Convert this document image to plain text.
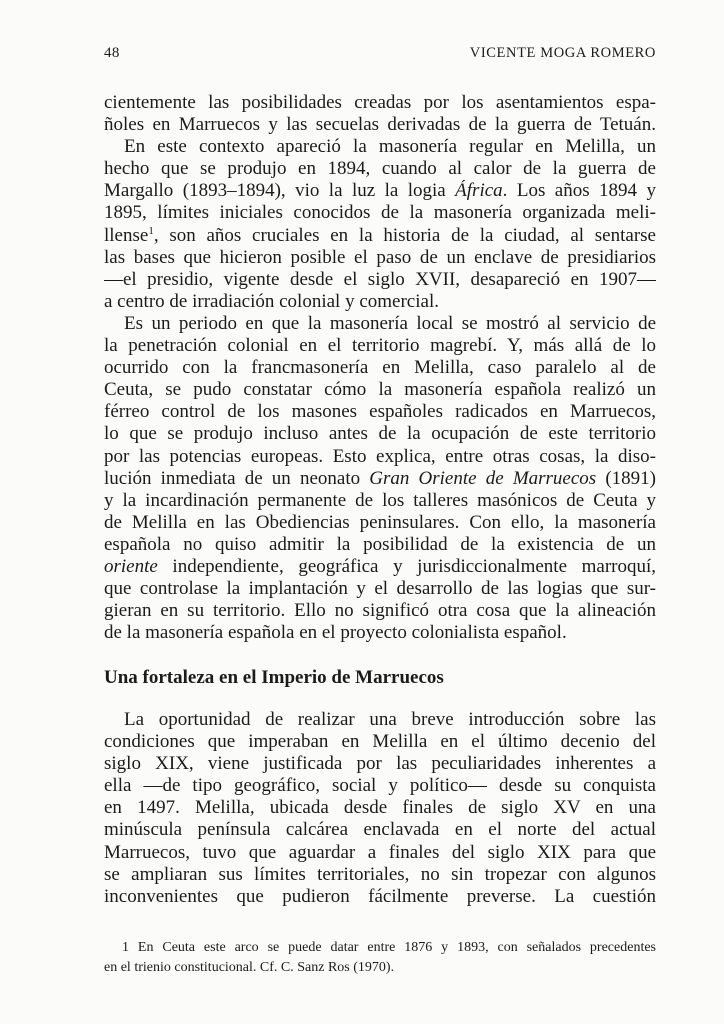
48	VICENTE MOGA ROMERO
cientemente las posibilidades creadas por los asentamientos espa-
ñoles en Marruecos y las secuelas derivadas de la guerra de Tetuán.
En este contexto apareció la masonería regular en Melilla, un
hecho que se produjo en 1894, cuando al calor de la guerra de
Margallo (1893–1894), vio la luz la logia África. Los años 1894 y
1895, límites iniciales conocidos de la masonería organizada meli-
llense$^1$, son años cruciales en la historia de la ciudad, al sentarse
las bases que hicieron posible el paso de un enclave de presidiarios
—el presidio, vigente desde el siglo XVII, desapareció en 1907—
a centro de irradiación colonial y comercial.
Es un periodo en que la masonería local se mostró al servicio de
la penetración colonial en el territorio magrebí. Y, más allá de lo
ocurrido con la francmasonería en Melilla, caso paralelo al de
Ceuta, se pudo constatar cómo la masonería española realizó un
férreo control de los masones españoles radicados en Marruecos,
lo que se produjo incluso antes de la ocupación de este territorio
por las potencias europeas. Esto explica, entre otras cosas, la diso-
lución inmediata de un neonato Gran Oriente de Marruecos (1891)
y la incardinación permanente de los talleres masónicos de Ceuta y
de Melilla en las Obediencias peninsulares. Con ello, la masonería
española no quiso admitir la posibilidad de la existencia de un
oriente independiente, geográfica y jurisdiccionalmente marroquí,
que controlase la implantación y el desarrollo de las logias que sur-
gieran en su territorio. Ello no significó otra cosa que la alineación
de la masonería española en el proyecto colonialista español.
Una fortaleza en el Imperio de Marruecos
La oportunidad de realizar una breve introducción sobre las
condiciones que imperaban en Melilla en el último decenio del
siglo XIX, viene justificada por las peculiaridades inherentes a
ella —de tipo geográfico, social y político— desde su conquista
en 1497. Melilla, ubicada desde finales de siglo XV en una
minúscula península calcárea enclavada en el norte del actual
Marruecos, tuvo que aguardar a finales del siglo XIX para que
se ampliaran sus límites territoriales, no sin tropezar con algunos
inconvenientes que pudieron fácilmente preverse. La cuestión
1 En Ceuta este arco se puede datar entre 1876 y 1893, con señalados precedentes
en el trienio constitucional. Cf. C. Sanz Ros (1970).
